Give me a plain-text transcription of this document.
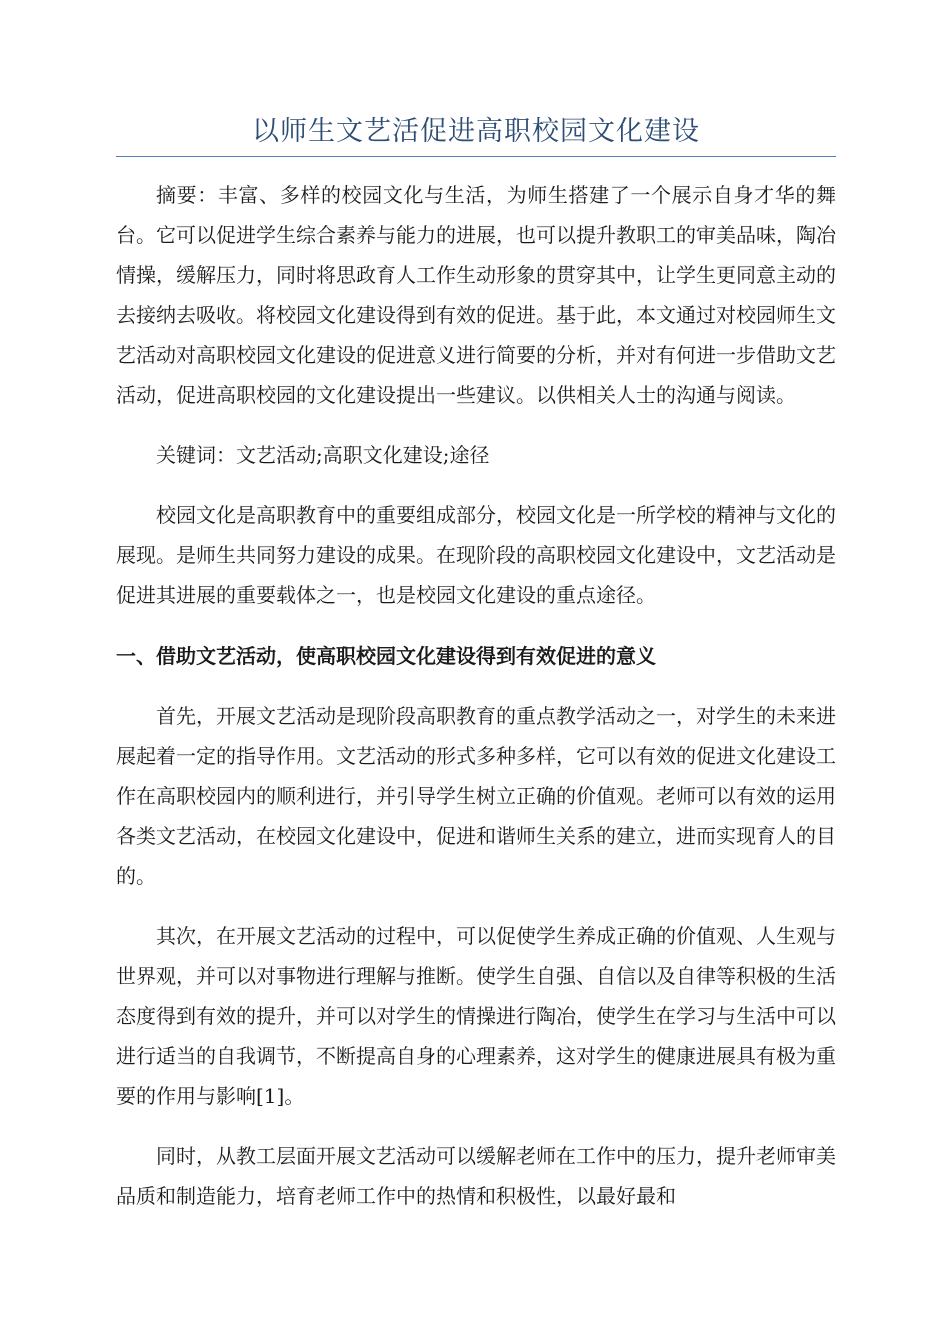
以师生文艺活促进高职校园文化建设

摘要：丰富、多样的校园文化与生活，为师生搭建了一个展示自身才华的舞台。它可以促进学生综合素养与能力的进展，也可以提升教职工的审美品味，陶冶情操，缓解压力，同时将思政育人工作生动形象的贯穿其中，让学生更同意主动的去接纳去吸收。将校园文化建设得到有效的促进。基于此，本文通过对校园师生文艺活动对高职校园文化建设的促进意义进行简要的分析，并对有何进一步借助文艺活动，促进高职校园的文化建设提出一些建议。以供相关人士的沟通与阅读。

关键词：文艺活动;高职文化建设;途径

校园文化是高职教育中的重要组成部分，校园文化是一所学校的精神与文化的展现。是师生共同努力建设的成果。在现阶段的高职校园文化建设中，文艺活动是促进其进展的重要载体之一，也是校园文化建设的重点途径。

一、借助文艺活动，使高职校园文化建设得到有效促进的意义

首先，开展文艺活动是现阶段高职教育的重点教学活动之一，对学生的未来进展起着一定的指导作用。文艺活动的形式多种多样，它可以有效的促进文化建设工作在高职校园内的顺利进行，并引导学生树立正确的价值观。老师可以有效的运用各类文艺活动，在校园文化建设中，促进和谐师生关系的建立，进而实现育人的目的。

其次，在开展文艺活动的过程中，可以促使学生养成正确的价值观、人生观与世界观，并可以对事物进行理解与推断。使学生自强、自信以及自律等积极的生活态度得到有效的提升，并可以对学生的情操进行陶冶，使学生在学习与生活中可以进行适当的自我调节，不断提高自身的心理素养，这对学生的健康进展具有极为重要的作用与影响[1]。

同时，从教工层面开展文艺活动可以缓解老师在工作中的压力，提升老师审美品质和制造能力，培育老师工作中的热情和积极性，以最好最和
